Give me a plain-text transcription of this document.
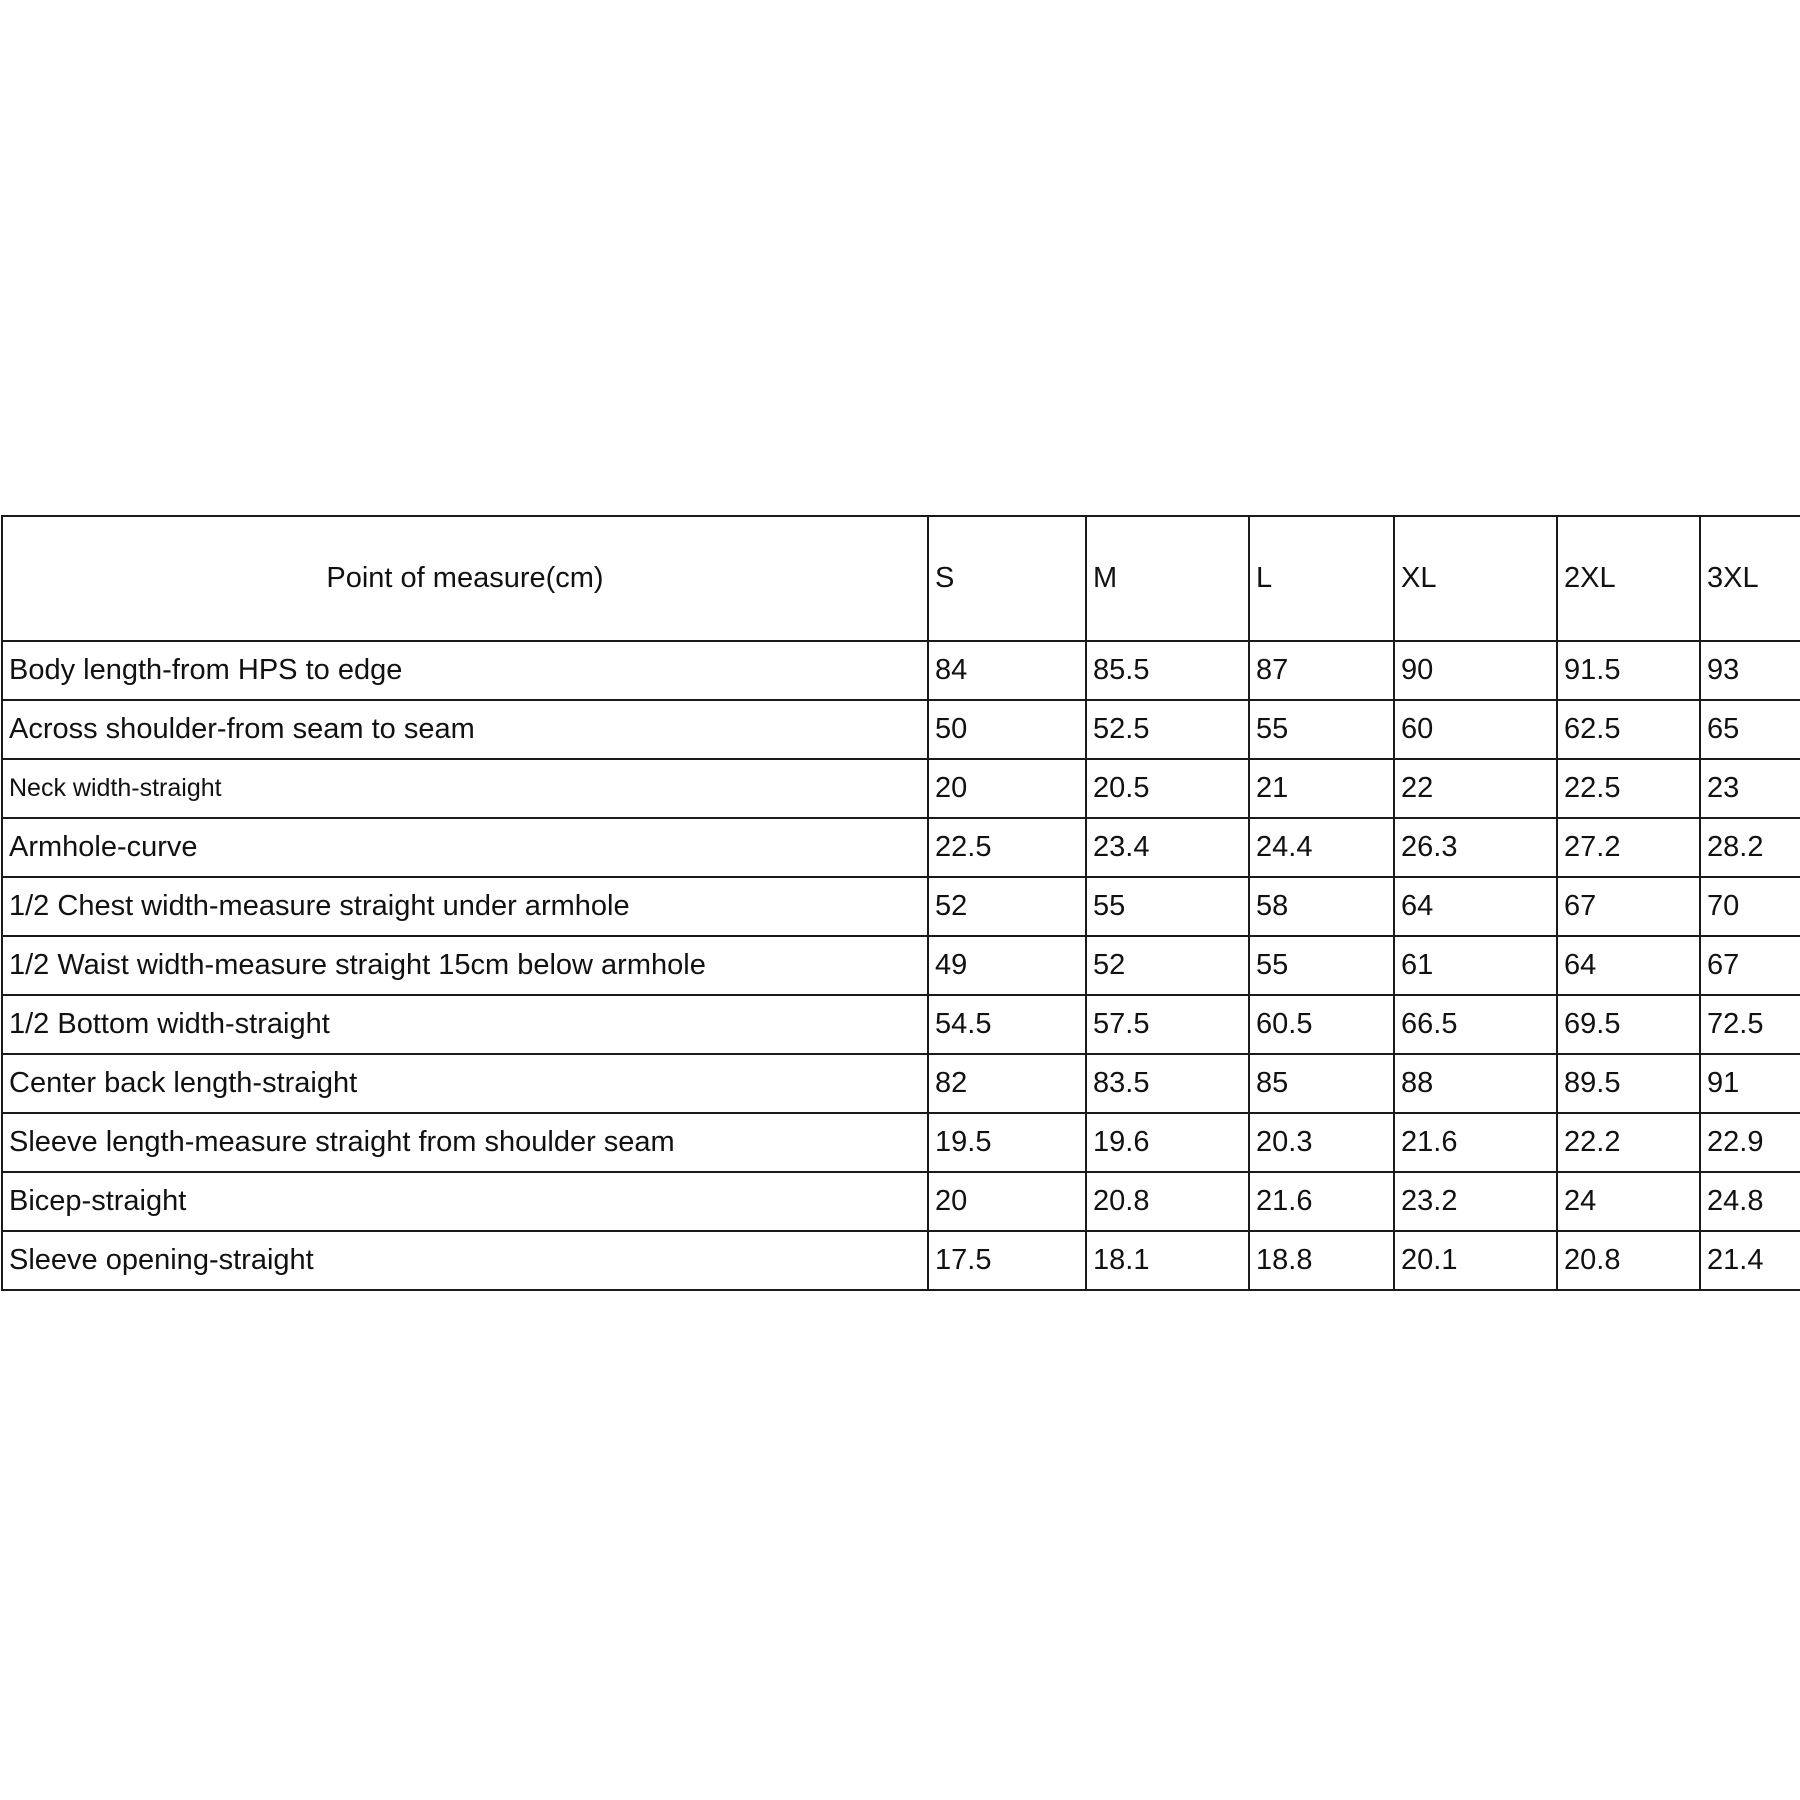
Point of measure(cm)	S	M	L	XL	2XL	3XL
Body length-from HPS to edge	84	85.5	87	90	91.5	93
Across shoulder-from seam to seam	50	52.5	55	60	62.5	65
Neck width-straight	20	20.5	21	22	22.5	23
Armhole-curve	22.5	23.4	24.4	26.3	27.2	28.2
1/2 Chest width-measure straight under armhole	52	55	58	64	67	70
1/2 Waist width-measure straight 15cm below armhole	49	52	55	61	64	67
1/2 Bottom width-straight	54.5	57.5	60.5	66.5	69.5	72.5
Center back length-straight	82	83.5	85	88	89.5	91
Sleeve length-measure straight from shoulder seam	19.5	19.6	20.3	21.6	22.2	22.9
Bicep-straight	20	20.8	21.6	23.2	24	24.8
Sleeve opening-straight	17.5	18.1	18.8	20.1	20.8	21.4
